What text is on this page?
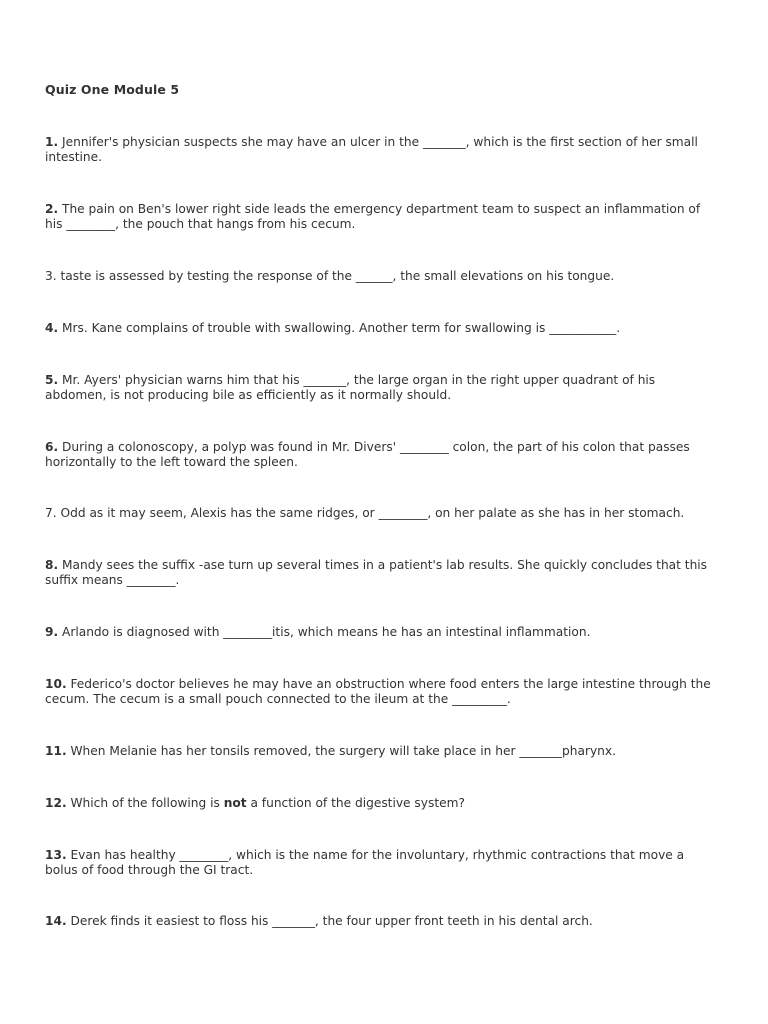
Quiz One Module 5
1. Jennifer's physician suspects she may have an ulcer in the _______, which is the first section of her small intestine.
2. The pain on Ben's lower right side leads the emergency department team to suspect an inflammation of his ________, the pouch that hangs from his cecum.
3. taste is assessed by testing the response of the ______, the small elevations on his tongue.
4. Mrs. Kane complains of trouble with swallowing. Another term for swallowing is ___________.
5. Mr. Ayers' physician warns him that his _______, the large organ in the right upper quadrant of his abdomen, is not producing bile as efficiently as it normally should.
6. During a colonoscopy, a polyp was found in Mr. Divers' ________ colon, the part of his colon that passes horizontally to the left toward the spleen.
7. Odd as it may seem, Alexis has the same ridges, or ________, on her palate as she has in her stomach.
8. Mandy sees the suffix -ase turn up several times in a patient's lab results. She quickly concludes that this suffix means ________.
9. Arlando is diagnosed with ________itis, which means he has an intestinal inflammation.
10. Federico's doctor believes he may have an obstruction where food enters the large intestine through the cecum. The cecum is a small pouch connected to the ileum at the _________.
11. When Melanie has her tonsils removed, the surgery will take place in her _______pharynx.
12. Which of the following is not a function of the digestive system?
13. Evan has healthy ________, which is the name for the involuntary, rhythmic contractions that move a bolus of food through the GI tract.
14. Derek finds it easiest to floss his _______, the four upper front teeth in his dental arch.
